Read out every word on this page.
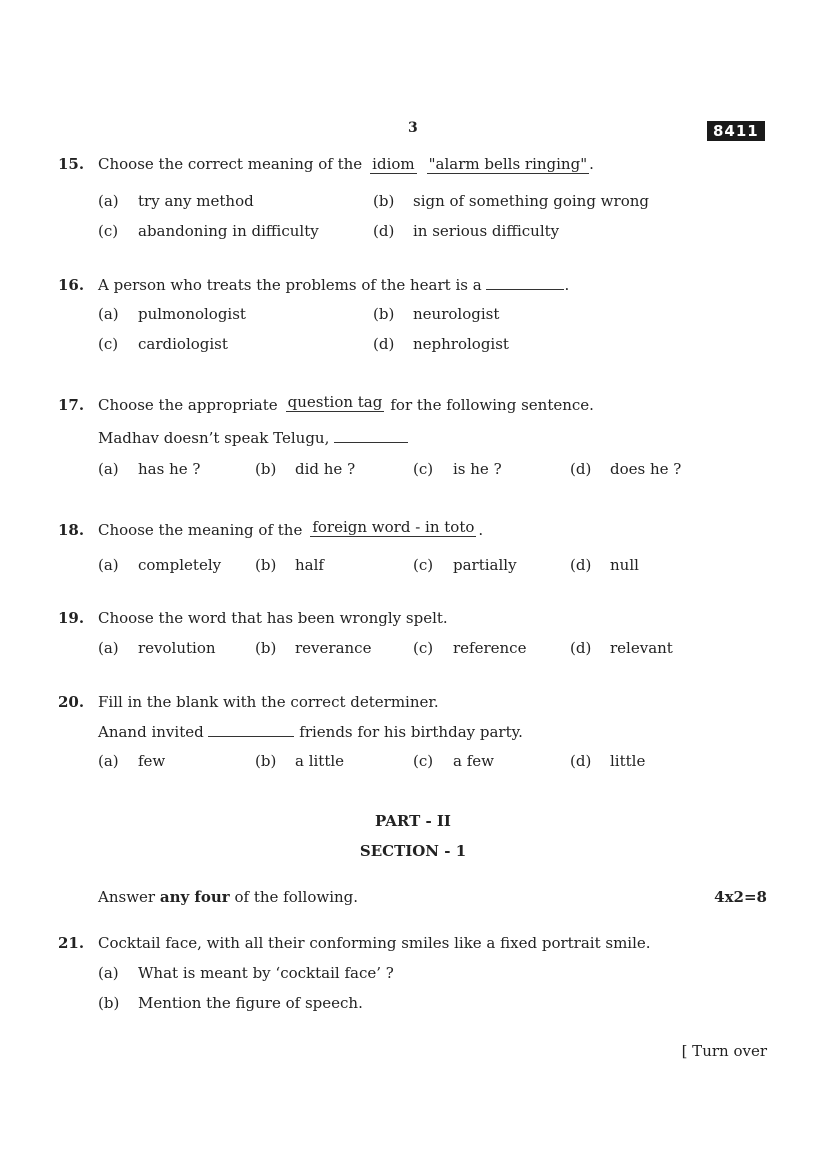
3	8411
15. Choose the correct meaning of the idiom "alarm bells ringing" .
(a) try any method	(b) sign of something going wrong
(c) abandoning in difficulty	(d) in serious difficulty
16. A person who treats the problems of the heart is a	.
(a) pulmonologist	(b) neurologist
(c) cardiologist	(d) nephrologist
17. Choose the appropriate question tag for the following sentence.
Madhav doesn’t speak Telugu,
(a) has he ?	(b) did he ?	(c) is he ?	(d) does he ?
18. Choose the meaning of the foreign word - in toto .
(a) completely (b) half	(c) partially	(d) null
19. Choose the word that has been wrongly spelt.
(a) revolution	(b) reverance	(c) reference	(d) relevant
20. Fill in the blank with the correct determiner.
Anand invited	friends for his birthday party.
(a) few	(b) a little	(c) a few	(d) little
PART - II
SECTION - 1
Answer any four of the following.	4x2=8
21. Cocktail face, with all their conforming smiles like a fixed portrait smile.
(a) What is meant by ‘cocktail face’ ?
(b) Mention the figure of speech.
[ Turn over
